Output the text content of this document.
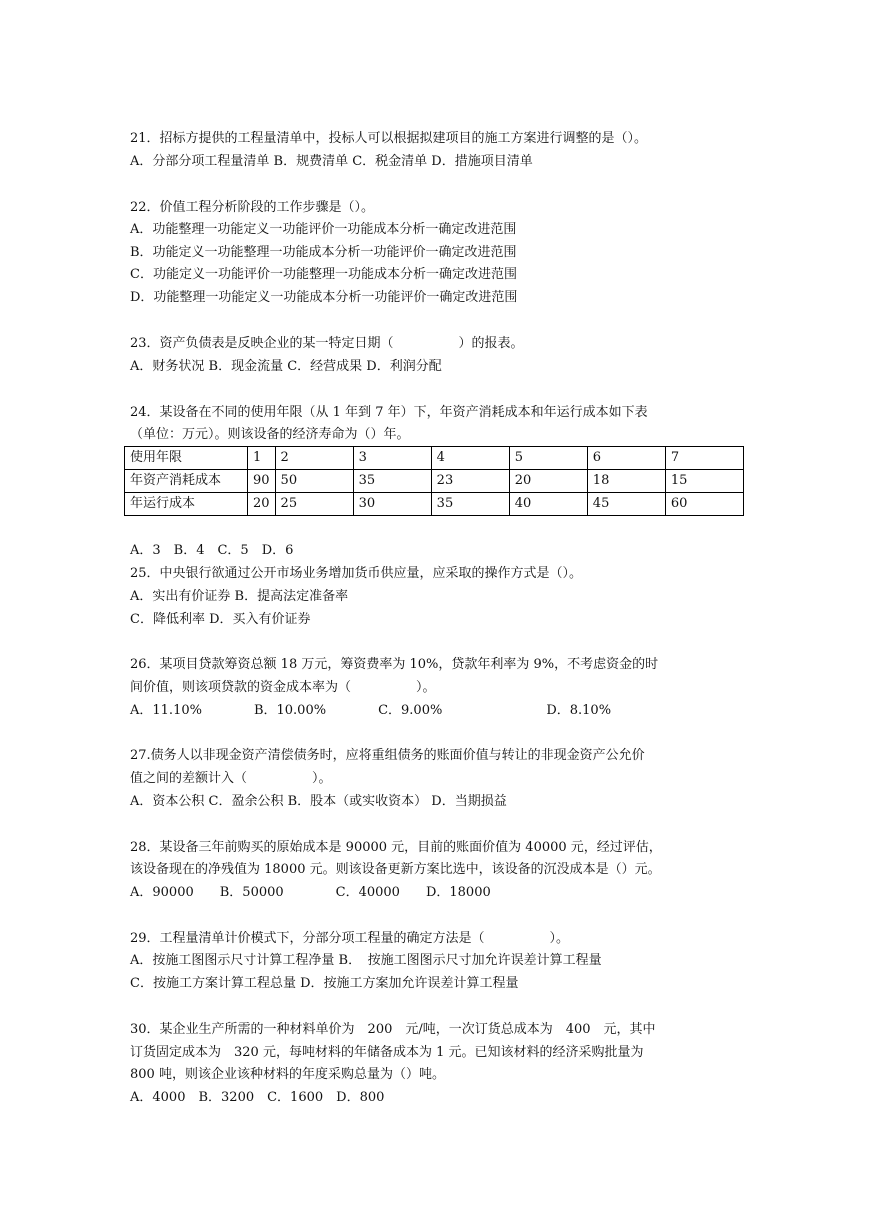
21．招标方提供的工程量清单中，投标人可以根据拟建项目的施工方案进行调整的是（）。
A．分部分项工程量清单 B．规费清单 C．税金清单 D．措施项目清单
22．价值工程分析阶段的工作步骤是（）。
A．功能整理一功能定义一功能评价一功能成本分析一确定改进范围
B．功能定义一功能整理一功能成本分析一功能评价一确定改进范围
C．功能定义一功能评价一功能整理一功能成本分析一确定改进范围
D．功能整理一功能定义一功能成本分析一功能评价一确定改进范围
23．资产负债表是反映企业的某一特定日期（　　　　　）的报表。
A．财务状况 B．现金流量 C．经营成果 D．利润分配
24．某设备在不同的使用年限（从 1 年到 7 年）下，年资产消耗成本和年运行成本如下表
（单位：万元）。则该设备的经济寿命为（）年。
使用年限	1	2	3	4	5	6	7
年资产消耗成本	90	50	35	23	20	18	15
年运行成本	20	25	30	35	40	45	60
A．3　B．4　C．5　D．6
25．中央银行欲通过公开市场业务增加货币供应量，应采取的操作方式是（）。
A．实出有价证券 B．提高法定准备率
C．降低利率 D．买入有价证券
26．某项目贷款筹资总额 18 万元，筹资费率为 10%，贷款年利率为 9%，不考虑资金的时
间价值，则该项贷款的资金成本率为（　　　　　）。
A．11.10%　　　　B．10.00%　　　　C．9.00%　　　　　　　　D．8.10%
27.债务人以非现金资产清偿债务时，应将重组债务的账面价值与转让的非现金资产公允价
值之间的差额计入（　　　　　）。
A．资本公积 C．盈余公积 B．股本（或实收资本） D．当期损益
28．某设备三年前购买的原始成本是 90000 元，目前的账面价值为 40000 元，经过评估，
该设备现在的净残值为 18000 元。则该设备更新方案比选中，该设备的沉没成本是（）元。
A．90000　　B．50000　　　　C．40000　　D．18000
29．工程量清单计价模式下，分部分项工程量的确定方法是（　　　　　）。
A．按施工图图示尺寸计算工程净量 B．　按施工图图示尺寸加允许误差计算工程量
C．按施工方案计算工程总量 D．按施工方案加允许误差计算工程量
30．某企业生产所需的一种材料单价为　200　元/吨，一次订货总成本为　400　元，其中
订货固定成本为　320 元，每吨材料的年储备成本为 1 元。已知该材料的经济采购批量为
800 吨，则该企业该种材料的年度采购总量为（）吨。
A．4000　B．3200　C．1600　D．800
